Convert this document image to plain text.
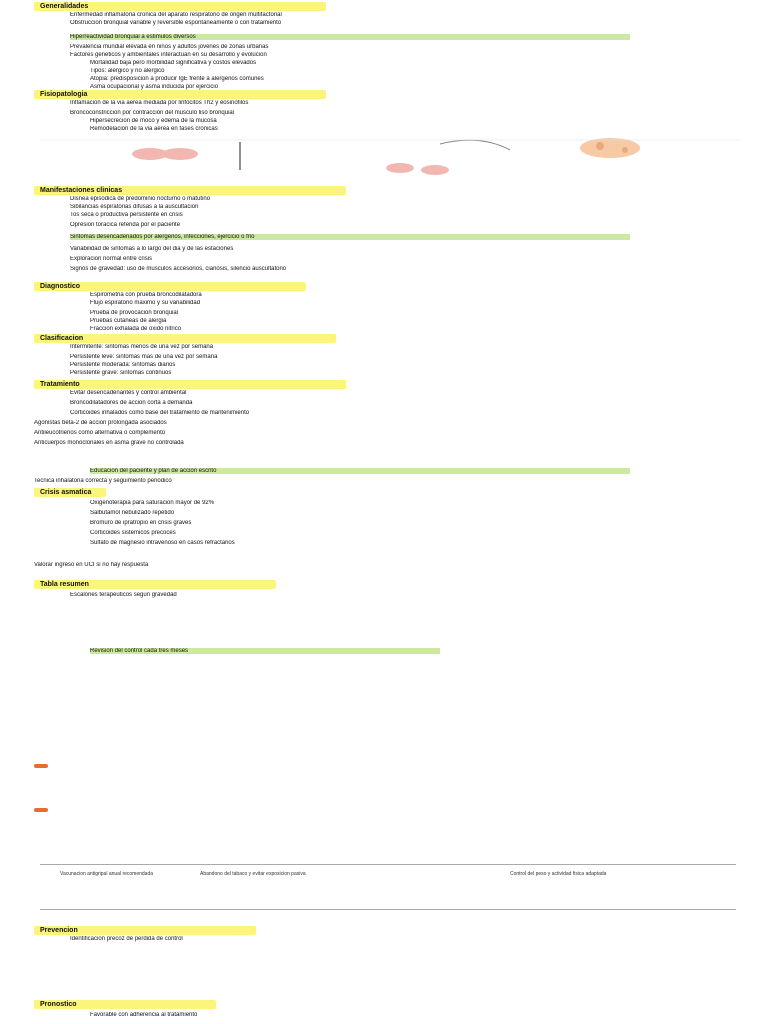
Generalidades
Enfermedad inflamatoria cronica del aparato respiratorio de origen multifactorial
Obstruccion bronquial variable y reversible espontaneamente o con tratamiento
Hiperreactividad bronquial a estimulos diversos
Prevalencia mundial elevada en ninos y adultos jovenes de zonas urbanas
Factores geneticos y ambientales interactuan en su desarrollo y evolucion
Mortalidad baja pero morbilidad significativa y costos elevados
Tipos: alergico y no alergico
Atopia: predisposicion a producir IgE frente a alergenos comunes
Asma ocupacional y asma inducida por ejercicio
Fisiopatologia
Inflamacion de la via aerea mediada por linfocitos Th2 y eosinofilos
Broncoconstriccion por contraccion del musculo liso bronquial
Hipersecrecion de moco y edema de la mucosa
Remodelacion de la via aerea en fases cronicas
Manifestaciones clinicas
Disnea episodica de predominio nocturno o matutino
Sibilancias espiratorias difusas a la auscultacion
Tos seca o productiva persistente en crisis
Opresion toracica referida por el paciente
Sintomas desencadenados por alergenos, infecciones, ejercicio o frio
Variabilidad de sintomas a lo largo del dia y de las estaciones
Exploracion normal entre crisis
Signos de gravedad: uso de musculos accesorios, cianosis, silencio auscultatorio
Diagnostico
Espirometria con prueba broncodilatadora
Flujo espiratorio maximo y su variabilidad
Prueba de provocacion bronquial
Pruebas cutaneas de alergia
Fraccion exhalada de oxido nitrico
Clasificacion
Intermitente: sintomas menos de una vez por semana
Persistente leve: sintomas mas de una vez por semana
Persistente moderada: sintomas diarios
Persistente grave: sintomas continuos
Tratamiento
Evitar desencadenantes y control ambiental
Broncodilatadores de accion corta a demanda
Corticoides inhalados como base del tratamiento de mantenimiento
Agonistas beta-2 de accion prolongada asociados
Antileucotrienos como alternativa o complemento
Anticuerpos monoclonales en asma grave no controlada
Educacion del paciente y plan de accion escrito
Tecnica inhalatoria correcta y seguimiento periodico
Crisis asmatica
Oxigenoterapia para saturacion mayor de 92%
Salbutamol nebulizado repetido
Bromuro de ipratropio en crisis graves
Corticoides sistemicos precoces
Sulfato de magnesio intravenoso en casos refractarios
Valorar ingreso en UCI si no hay respuesta
Tabla resumen
Escalones terapeuticos segun gravedad
Revision del control cada tres meses
Vacunacion antigripal anual recomendada	Abandono del tabaco y evitar exposicion pasiva	Control del peso y actividad fisica adaptada
Prevencion
Identificacion precoz de perdida de control
Pronostico
Favorable con adherencia al tratamiento
